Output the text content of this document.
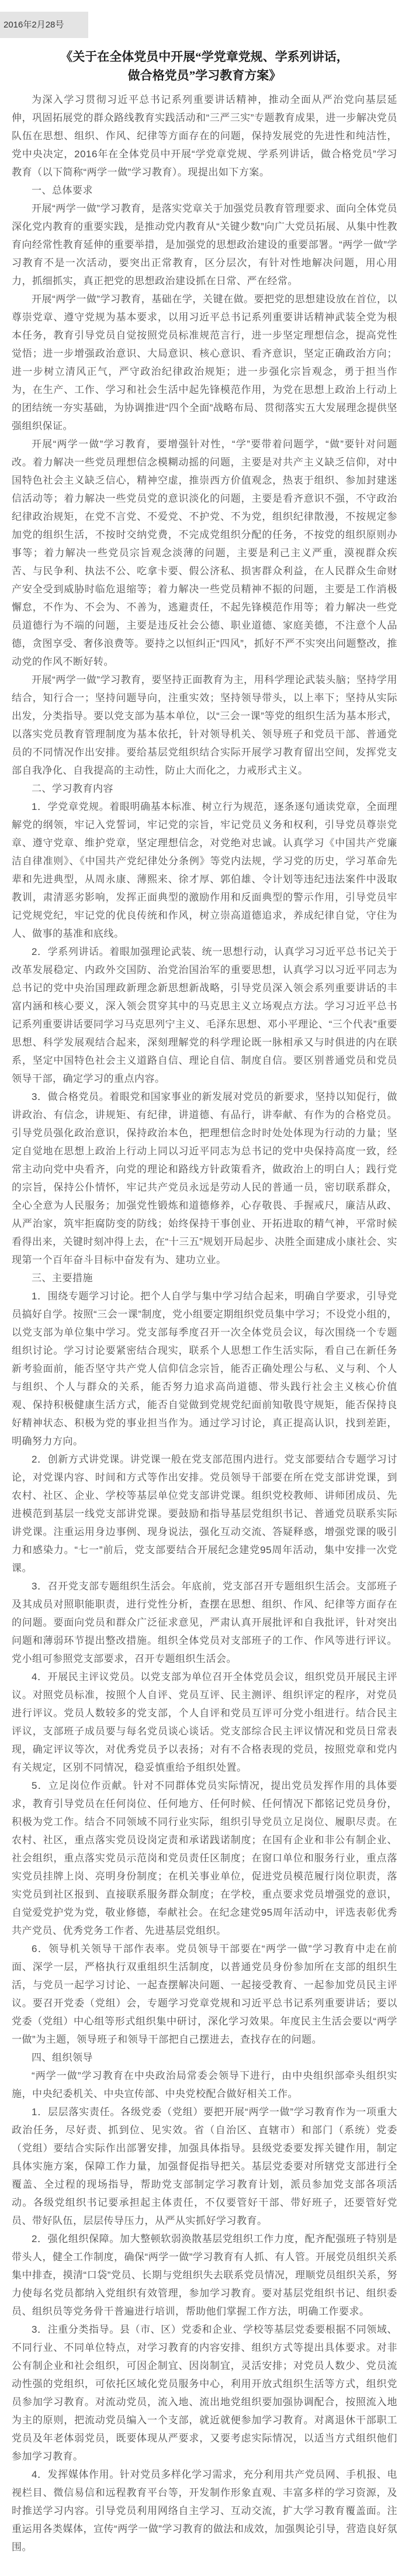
2016年2月28号
《关于在全体党员中开展“学党章党规、学系列讲话，
做合格党员”学习教育方案》

为深入学习贯彻习近平总书记系列重要讲话精神，推动全面从严治党向基层延伸，巩固拓展党的群众路线教育实践活动和“三严三实”专题教育成果，进一步解决党员队伍在思想、组织、作风、纪律等方面存在的问题，保持发展党的先进性和纯洁性，党中央决定，2016年在全体党员中开展“学党章党规、学系列讲话，做合格党员”学习教育（以下简称“两学一做”学习教育）。现提出如下方案。

一、总体要求

开展“两学一做”学习教育，是落实党章关于加强党员教育管理要求、面向全体党员深化党内教育的重要实践，是推动党内教育从“关键少数”向广大党员拓展、从集中性教育向经常性教育延伸的重要举措，是加强党的思想政治建设的重要部署。“两学一做”学习教育不是一次活动，要突出正常教育，区分层次，有针对性地解决问题，用心用力，抓细抓实，真正把党的思想政治建设抓在日常、严在经常。

开展“两学一做”学习教育，基础在学，关键在做。要把党的思想建设放在首位，以尊崇党章、遵守党规为基本要求，以用习近平总书记系列重要讲话精神武装全党为根本任务，教育引导党员自觉按照党员标准规范言行，进一步坚定理想信念，提高党性觉悟；进一步增强政治意识、大局意识、核心意识、看齐意识，坚定正确政治方向；进一步树立清风正气，严守政治纪律政治规矩；进一步强化宗旨观念，勇于担当作为，在生产、工作、学习和社会生活中起先锋模范作用，为党在思想上政治上行动上的团结统一夯实基础，为协调推进“四个全面”战略布局、贯彻落实五大发展理念提供坚强组织保证。

开展“两学一做”学习教育，要增强针对性，“学”要带着问题学，“做”要针对问题改。着力解决一些党员理想信念模糊动摇的问题，主要是对共产主义缺乏信仰，对中国特色社会主义缺乏信心，精神空虚，推崇西方价值观念，热衷于组织、参加封建迷信活动等；着力解决一些党员党的意识淡化的问题，主要是看齐意识不强，不守政治纪律政治规矩，在党不言党、不爱党、不护党、不为党，组织纪律散漫，不按规定参加党的组织生活，不按时交纳党费，不完成党组织分配的任务，不按党的组织原则办事等；着力解决一些党员宗旨观念淡薄的问题，主要是利己主义严重，漠视群众疾苦、与民争利、执法不公、吃拿卡要、假公济私、损害群众利益，在人民群众生命财产安全受到威胁时临危退缩等；着力解决一些党员精神不振的问题，主要是工作消极懈怠，不作为、不会为、不善为，逃避责任，不起先锋模范作用等；着力解决一些党员道德行为不端的问题，主要是违反社会公德、职业道德、家庭美德，不注意个人品德，贪图享受、奢侈浪费等。要持之以恒纠正“四风”，抓好不严不实突出问题整改，推动党的作风不断好转。

开展“两学一做”学习教育，要坚持正面教育为主，用科学理论武装头脑；坚持学用结合，知行合一；坚持问题导向，注重实效；坚持领导带头，以上率下；坚持从实际出发，分类指导。要以党支部为基本单位，以“三会一课”等党的组织生活为基本形式，以落实党员教育管理制度为基本依托，针对领导机关、领导班子和党员干部、普通党员的不同情况作出安排。要给基层党组织结合实际开展学习教育留出空间，发挥党支部自我净化、自我提高的主动性，防止大而化之，力戒形式主义。

二、学习教育内容

1．学党章党规。着眼明确基本标准、树立行为规范，逐条逐句通读党章，全面理解党的纲领，牢记入党誓词，牢记党的宗旨，牢记党员义务和权利，引导党员尊崇党章、遵守党章、维护党章，坚定理想信念，对党绝对忠诚。认真学习《中国共产党廉洁自律准则》、《中国共产党纪律处分条例》等党内法规，学习党的历史，学习革命先辈和先进典型，从周永康、薄熙来、徐才厚、郭伯雄、令计划等违纪违法案件中汲取教训，肃清恶劣影响，发挥正面典型的激励作用和反面典型的警示作用，引导党员牢记党规党纪，牢记党的优良传统和作风，树立崇高道德追求，养成纪律自觉，守住为人、做事的基准和底线。

2．学系列讲话。着眼加强理论武装、统一思想行动，认真学习习近平总书记关于改革发展稳定、内政外交国防、治党治国治军的重要思想，认真学习以习近平同志为总书记的党中央治国理政新理念新思想新战略，引导党员深入领会系列重要讲话的丰富内涵和核心要义，深入领会贯穿其中的马克思主义立场观点方法。学习习近平总书记系列重要讲话要同学习马克思列宁主义、毛泽东思想、邓小平理论、“三个代表”重要思想、科学发展观结合起来，深刻理解党的科学理论既一脉相承又与时俱进的内在联系，坚定中国特色社会主义道路自信、理论自信、制度自信。要区别普通党员和党员领导干部，确定学习的重点内容。

3．做合格党员。着眼党和国家事业的新发展对党员的新要求，坚持以知促行，做讲政治、有信念，讲规矩、有纪律，讲道德、有品行，讲奉献、有作为的合格党员。引导党员强化政治意识，保持政治本色，把理想信念时时处处体现为行动的力量；坚定自觉地在思想上政治上行动上同以习近平同志为总书记的党中央保持高度一致，经常主动向党中央看齐，向党的理论和路线方针政策看齐，做政治上的明白人；践行党的宗旨，保持公仆情怀，牢记共产党员永远是劳动人民的普通一员，密切联系群众，全心全意为人民服务；加强党性锻炼和道德修养，心存敬畏、手握戒尺，廉洁从政、从严治家，筑牢拒腐防变的防线；始终保持干事创业、开拓进取的精气神，平常时候看得出来，关键时刻冲得上去，在“十三五”规划开局起步、决胜全面建成小康社会、实现第一个百年奋斗目标中奋发有为、建功立业。

三、主要措施

1．围绕专题学习讨论。把个人自学与集中学习结合起来，明确自学要求，引导党员搞好自学。按照“三会一课”制度，党小组要定期组织党员集中学习；不设党小组的，以党支部为单位集中学习。党支部每季度召开一次全体党员会议，每次围绕一个专题组织讨论。学习讨论要紧密结合现实，联系个人思想工作生活实际，看自己在新任务新考验面前，能否坚守共产党人信仰信念宗旨，能否正确处理公与私、义与利、个人与组织、个人与群众的关系，能否努力追求高尚道德、带头践行社会主义核心价值观、保持积极健康生活方式，能否自觉做到党规党纪面前知敬畏守规矩，能否保持良好精神状态、积极为党的事业担当作为。通过学习讨论，真正提高认识，找到差距，明确努力方向。

2．创新方式讲党课。讲党课一般在党支部范围内进行。党支部要结合专题学习讨论，对党课内容、时间和方式等作出安排。党员领导干部要在所在党支部讲党课，到农村、社区、企业、学校等基层单位党支部讲党课。组织党校教师、讲师团成员、先进模范到基层一线党支部讲党课。要鼓励和指导基层党组织书记、普通党员联系实际讲党课。注重运用身边事例、现身说法，强化互动交流、答疑释惑，增强党课的吸引力和感染力。“七一”前后，党支部要结合开展纪念建党95周年活动，集中安排一次党课。

3．召开党支部专题组织生活会。年底前，党支部召开专题组织生活会。支部班子及其成员对照职能职责，进行党性分析，查摆在思想、组织、作风、纪律等方面存在的问题。要面向党员和群众广泛征求意见，严肃认真开展批评和自我批评，针对突出问题和薄弱环节提出整改措施。组织全体党员对支部班子的工作、作风等进行评议。党小组可参照党支部要求，召开专题组织生活会。

4．开展民主评议党员。以党支部为单位召开全体党员会议，组织党员开展民主评议。对照党员标准，按照个人自评、党员互评、民主测评、组织评定的程序，对党员进行评议。党员人数较多的党支部，个人自评和党员互评可分党小组进行。结合民主评议，支部班子成员要与每名党员谈心谈话。党支部综合民主评议情况和党员日常表现，确定评议等次，对优秀党员予以表扬；对有不合格表现的党员，按照党章和党内有关规定，区别不同情况，稳妥慎重给予组织处置。

5．立足岗位作贡献。针对不同群体党员实际情况，提出党员发挥作用的具体要求，教育引导党员在任何岗位、任何地方、任何时候、任何情况下都铭记党员身份，积极为党工作。结合不同领域不同行业实际，组织引导党员立足岗位、履职尽责。在农村、社区，重点落实党员设岗定责和承诺践诺制度；在国有企业和非公有制企业、社会组织，重点落实党员示范岗和党员责任区制度；在窗口单位和服务行业，重点落实党员挂牌上岗、亮明身份制度；在机关事业单位，促进党员模范履行岗位职责，落实党员到社区报到、直接联系服务群众制度；在学校，重点要求党员增强党的意识，自觉爱党护党为党，敬业修德，奉献社会。在纪念建党95周年活动中，评选表彰优秀共产党员、优秀党务工作者、先进基层党组织。

6．领导机关领导干部作表率。党员领导干部要在“两学一做”学习教育中走在前面、深学一层，严格执行双重组织生活制度，以普通党员身份参加所在支部的组织生活，与党员一起学习讨论、一起查摆解决问题、一起接受教育、一起参加党员民主评议。要召开党委（党组）会，专题学习党章党规和习近平总书记系列重要讲话；要以党委（党组）中心组等形式组织集中研讨，深化学习效果。年度民主生活会要以“两学一做”为主题，领导班子和领导干部把自己摆进去，查找存在的问题。

四、组织领导

“两学一做”学习教育在中央政治局常委会领导下进行，由中央组织部牵头组织实施，中央纪委机关、中央宣传部、中央党校配合做好相关工作。

1．层层落实责任。各级党委（党组）要把开展“两学一做”学习教育作为一项重大政治任务，尽好责、抓到位、见实效。省（自治区、直辖市）和部门（系统）党委（党组）要结合实际作出部署安排，加强具体指导。县级党委要发挥关键作用，制定具体实施方案，保障工作力量，加强督促指导把关。基层党委要对所辖党支部进行全覆盖、全过程的现场指导，帮助党支部制定学习教育计划，派员参加党支部各项活动。各级党组织书记要承担起主体责任，不仅要管好干部、带好班子，还要管好党员、带好队伍，层层传导压力，从严从实抓好学习教育。

2．强化组织保障。加大整顿软弱涣散基层党组织工作力度，配齐配强班子特别是带头人，健全工作制度，确保“两学一做”学习教育有人抓、有人管。开展党员组织关系集中排查，摸清“口袋”党员、长期与党组织失去联系党员情况，理顺党员组织关系，努力使每名党员都纳入党组织有效管理，参加学习教育。要对基层党组织书记、组织委员、组织员等党务骨干普遍进行培训，帮助他们掌握工作方法，明确工作要求。

3．注重分类指导。县（市、区）党委和企业、学校等基层党委要根据不同领域、不同行业、不同单位特点，对学习教育的内容安排、组织方式等提出具体要求。对非公有制企业和社会组织，可因企制宜、因岗制宜，灵活安排；对党员人数少、党员流动性强的党组织，可依托区域化党员服务中心，利用开放式组织生活等方式，组织党员参加学习教育。对流动党员，流入地、流出地党组织要加强协调配合，按照流入地为主的原则，把流动党员编入一个支部，就近就便参加学习教育。对离退休干部职工党员及年老体弱党员，既要体现从严要求，又要考虑实际情况，以适当方式组织他们参加学习教育。

4．发挥媒体作用。针对党员多样化学习需求，充分利用共产党员网、手机报、电视栏目、微信易信和远程教育平台等，开发制作形象直观、丰富多样的学习资源，及时推送学习内容。引导党员利用网络自主学习、互动交流，扩大学习教育覆盖面。注重运用各类媒体，宣传“两学一做”学习教育的做法和成效，加强舆论引导，营造良好氛围。
